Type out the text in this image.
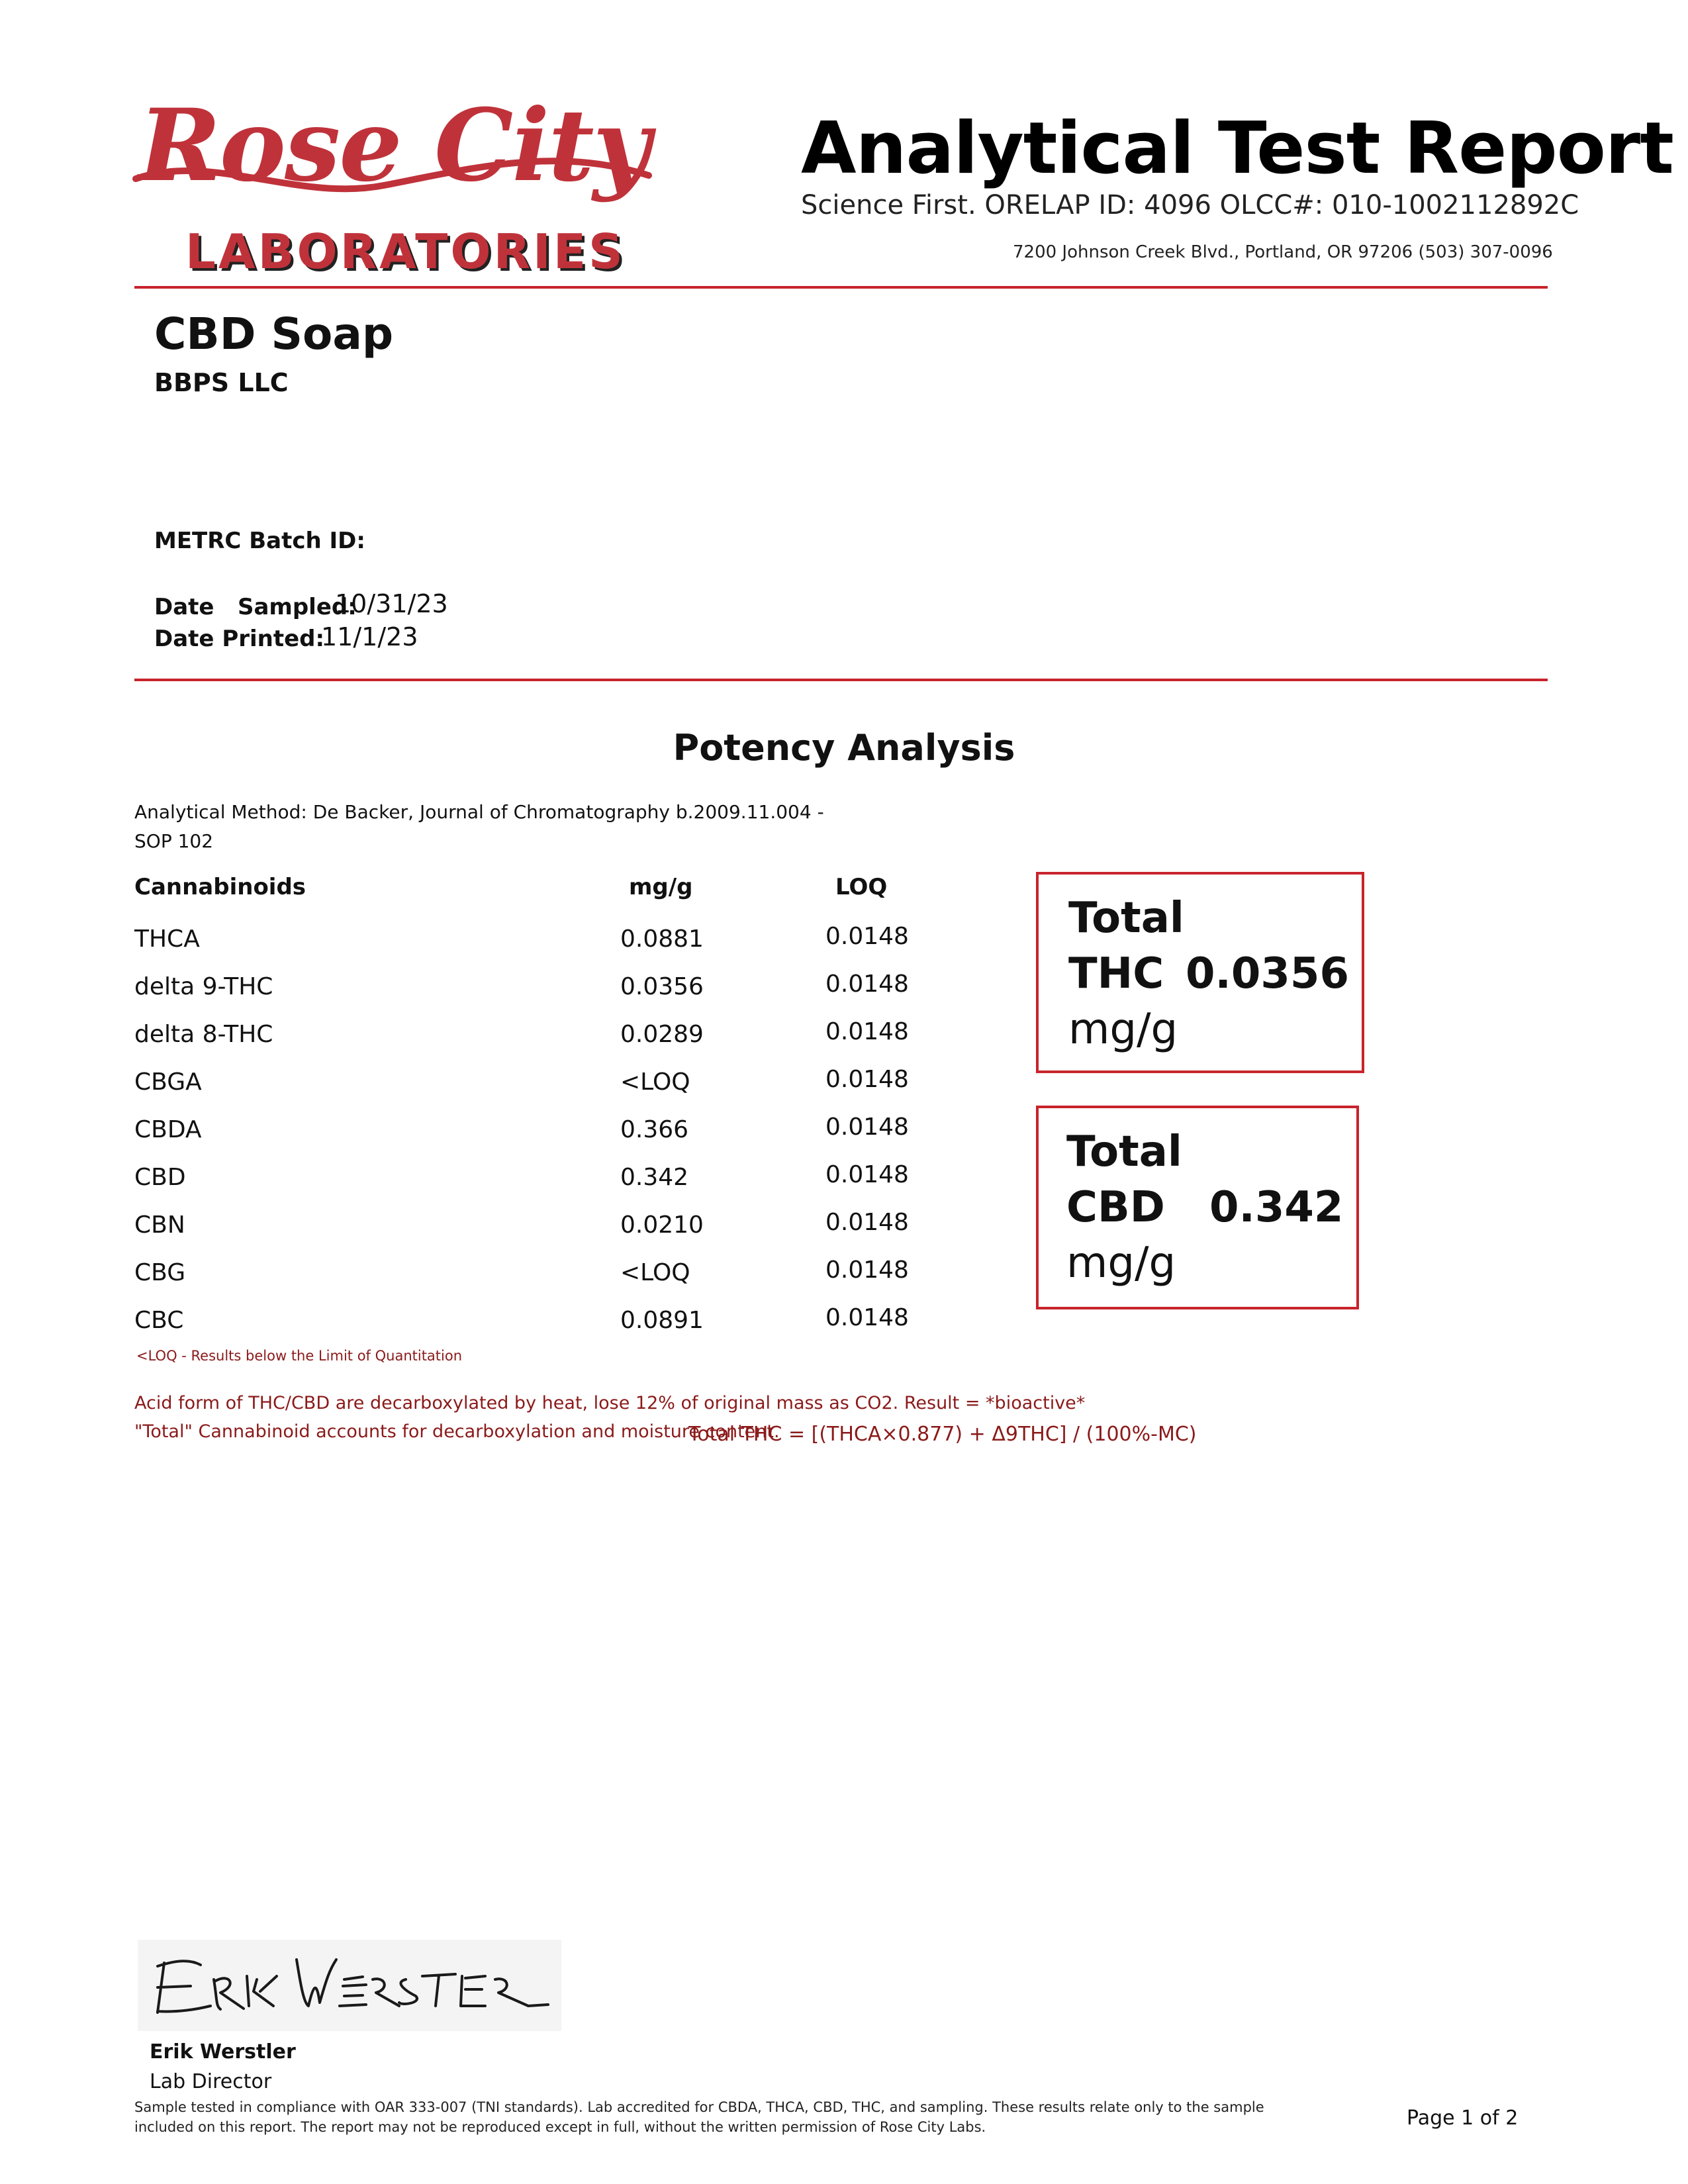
Rose City
LABORATORIES
Analytical Test Report
Science First. ORELAP ID: 4096 OLCC#: 010-1002112892C
7200 Johnson Creek Blvd., Portland, OR 97206 (503) 307-0096
CBD Soap
BBPS LLC
METRC Batch ID:
Date   Sampled:
10/31/23
Date Printed:
11/1/23
Potency Analysis
Analytical Method: De Backer, Journal of Chromatography b.2009.11.004 - SOP 102
Cannabinoids	mg/g	LOQ
THCA	0.0881	0.0148
delta 9-THC	0.0356	0.0148
delta 8-THC	0.0289	0.0148
CBGA	<LOQ	0.0148
CBDA	0.366	0.0148
CBD	0.342	0.0148
CBN	0.0210	0.0148
CBG	<LOQ	0.0148
CBC	0.0891	0.0148
Total
THC 0.0356
mg/g
Total
CBD 0.342
mg/g
<LOQ - Results below the Limit of Quantitation
Acid form of THC/CBD are decarboxylated by heat, lose 12% of original mass as CO2. Result = *bioactive*
"Total" Cannabinoid accounts for decarboxylation and moisture content.
Total THC = [(THCA×0.877) + Δ9THC] / (100%-MC)
Erik Werstler
Lab Director
Sample tested in compliance with OAR 333-007 (TNI standards). Lab accredited for CBDA, THCA, CBD, THC, and sampling. These results relate only to the sample included on this report. The report may not be reproduced except in full, without the written permission of Rose City Labs.	Page 1 of 2
